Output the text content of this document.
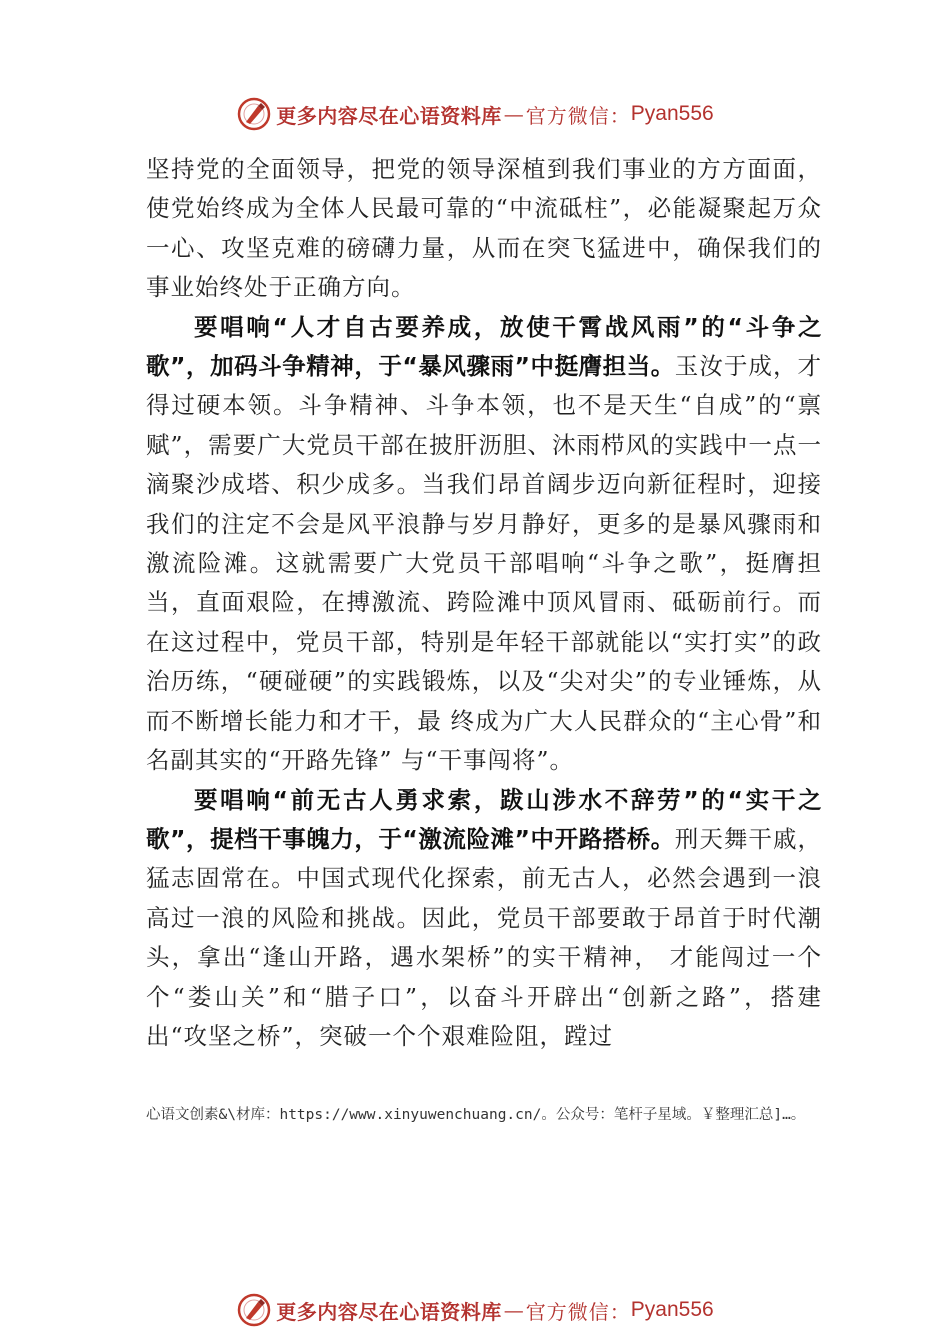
更多内容尽在心语资料库 — 官方微信： Pyan556

坚持党的全面领导，把党的领导深植到我们事业的方方面面，使党始终成为全体人民最可靠的“中流砥柱”，必能凝聚起万众一心、攻坚克难的磅礴力量，从而在突飞猛进中，确保我们的事业始终处于正确方向。

要唱响“人才自古要养成，放使干霄战风雨”的“斗争之歌”，加码斗争精神，于“暴风骤雨”中挺膺担当。玉汝于成，才得过硬本领。斗争精神、斗争本领，也不是天生“自成”的“禀赋”，需要广大党员干部在披肝沥胆、沐雨栉风的实践中一点一滴聚沙成塔、积少成多。当我们昂首阔步迈向新征程时，迎接我们的注定不会是风平浪静与岁月静好，更多的是暴风骤雨和激流险滩。这就需要广大党员干部唱响“斗争之歌”，挺膺担当，直面艰险，在搏激流、跨险滩中顶风冒雨、砥砺前行。而在这过程中，党员干部，特别是年轻干部就能以“实打实”的政治历练，“硬碰硬”的实践锻炼，以及“尖对尖”的专业锤炼，从而不断增长能力和才干，最 终成为广大人民群众的“主心骨”和名副其实的“开路先锋” 与“干事闯将”。

要唱响“前无古人勇求索，跋山涉水不辞劳”的“实干之歌”，提档干事魄力，于“激流险滩”中开路搭桥。刑天舞干戚，猛志固常在。中国式现代化探索，前无古人，必然会遇到一浪高过一浪的风险和挑战。因此，党员干部要敢于昂首于时代潮头，拿出“逢山开路，遇水架桥”的实干精神， 才能闯过一个个“娄山关”和“腊子口”，以奋斗开辟出“创新之路”，搭建出“攻坚之桥”，突破一个个艰难险阻，蹚过

心语文创素&\材库：https://www.xinyuwenchuang.cn/。公众号：笔杆子星域。￥整理汇总]…。
更多内容尽在心语资料库 — 官方微信： Pyan556
